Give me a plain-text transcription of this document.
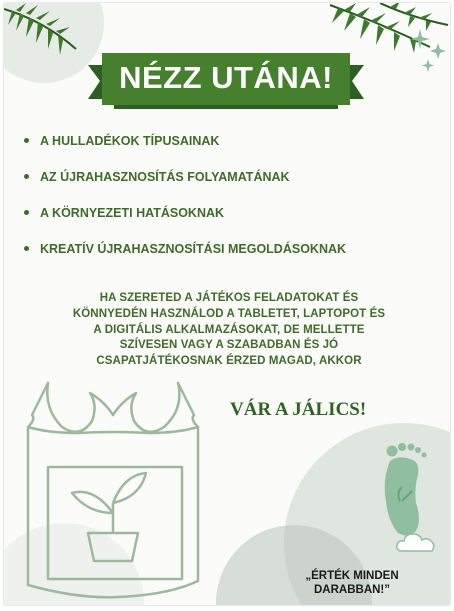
NÉZZ UTÁNA!
A HULLADÉKOK TÍPUSAINAK
AZ ÚJRAHASZNOSÍTÁS FOLYAMATÁNAK
A KÖRNYEZETI HATÁSOKNAK
KREATÍV ÚJRAHASZNOSÍTÁSI MEGOLDÁSOKNAK
HA SZERETED A JÁTÉKOS FELADATOKAT ÉS
KÖNNYEDÉN HASZNÁLOD A TABLETET, LAPTOPOT ÉS
A DIGITÁLIS ALKALMAZÁSOKAT, DE MELLETTE
SZÍVESEN VAGY A SZABADBAN ÉS JÓ
CSAPATJÁTÉKOSNAK ÉRZED MAGAD, AKKOR
VÁR A JÁLICS!
„ÉRTÉK MINDEN
DARABBAN!”
